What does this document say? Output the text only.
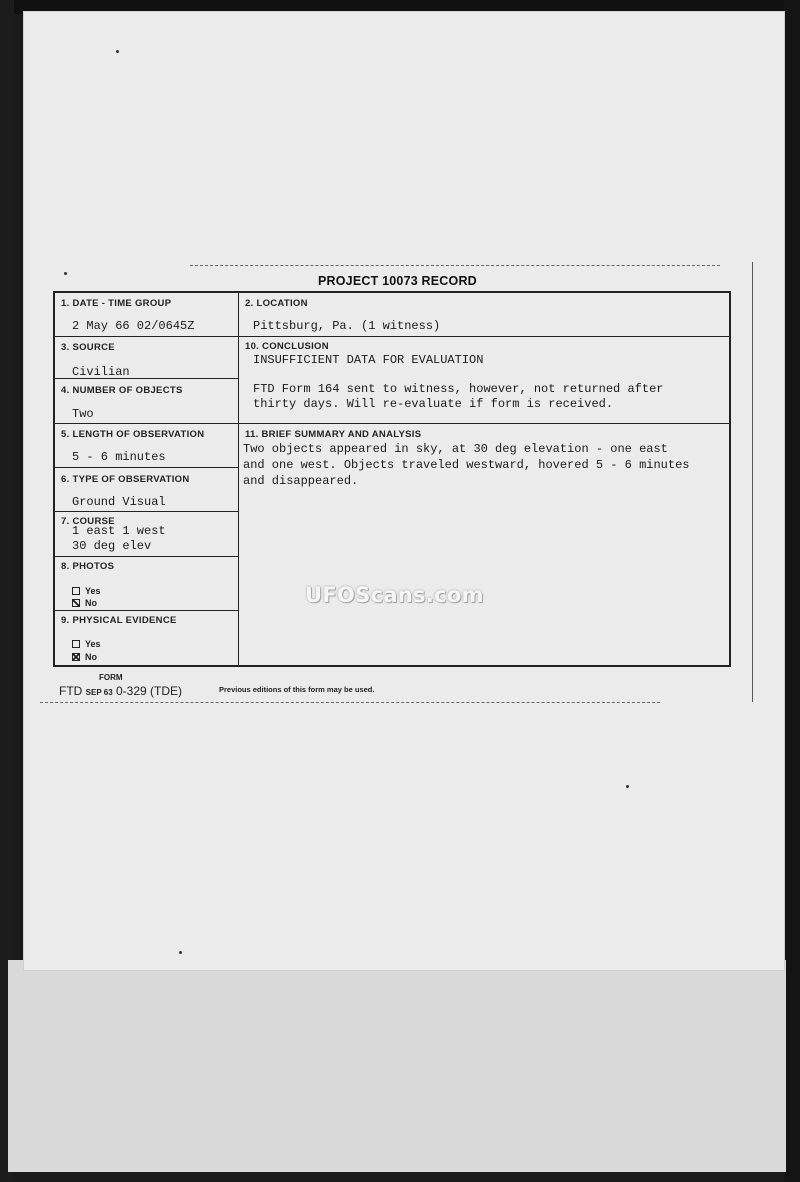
PROJECT 10073 RECORD
1. DATE - TIME GROUP
2 May 66 02/0645Z
2. LOCATION
Pittsburg, Pa. (1 witness)
3. SOURCE
Civilian
4. NUMBER OF OBJECTS
Two
10. CONCLUSION
INSUFFICIENT DATA FOR EVALUATION
FTD Form 164 sent to witness, however, not returned after
thirty days. Will re-evaluate if form is received.
5. LENGTH OF OBSERVATION
5 - 6 minutes
11. BRIEF SUMMARY AND ANALYSIS
Two objects appeared in sky, at 30 deg elevation - one east
and one west. Objects traveled westward, hovered 5 - 6 minutes
and disappeared.
6. TYPE OF OBSERVATION
Ground Visual
7. COURSE
1 east 1 west
30 deg elev
8. PHOTOS
Yes
No
9. PHYSICAL EVIDENCE
Yes
No
FORM
FTD SEP 63 0-329 (TDE)	Previous editions of this form may be used.
UFOScans.com
